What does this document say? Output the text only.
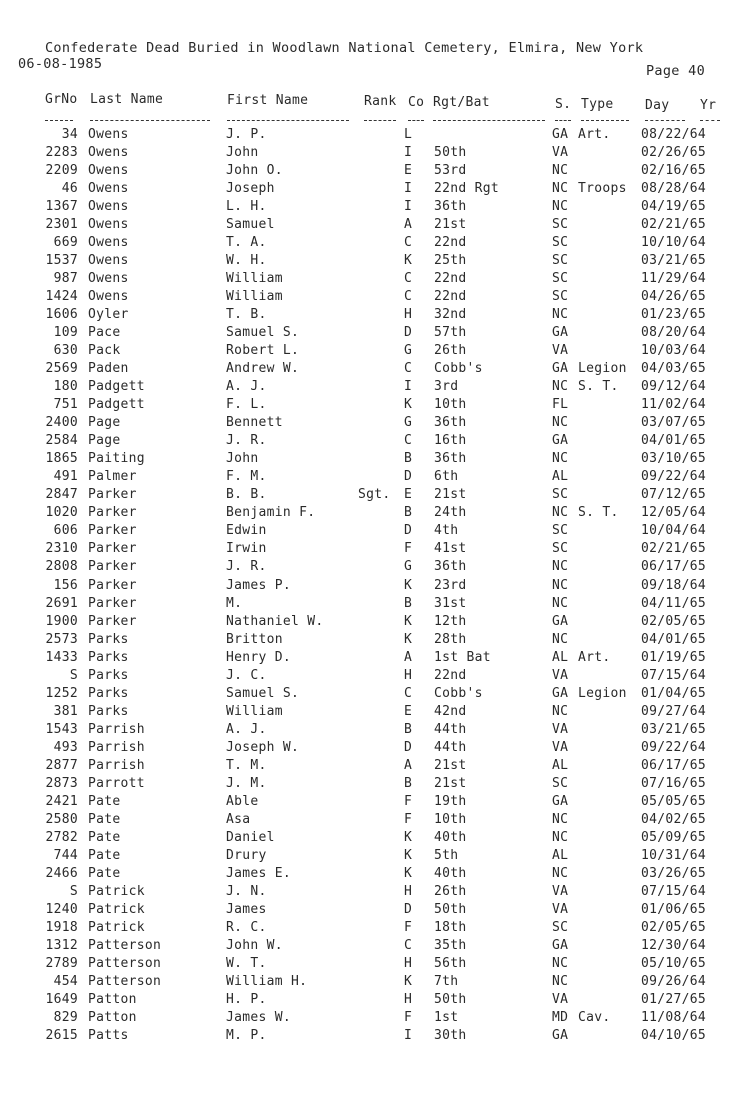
Confederate Dead Buried in Woodlawn National Cemetery, Elmira, New York
06-08-1985	Page 40
GrNo Last Name	First Name	Rank Co Rgt/Bat	S. Type Day Yr
34 Owens	J. P.	L	GA Art. 08/22/64
2283 Owens	John	I 50th	VA	02/26/65
2209 Owens	John O.	E 53rd	NC	02/16/65
46 Owens	Joseph	I 22nd Rgt	NC Troops 08/28/64
1367 Owens	L. H.	I 36th	NC	04/19/65
2301 Owens	Samuel	A 21st	SC	02/21/65
669 Owens	T. A.	C 22nd	SC	10/10/64
1537 Owens	W. H.	K 25th	SC	03/21/65
987 Owens	William	C 22nd	SC	11/29/64
1424 Owens	William	C 22nd	SC	04/26/65
1606 Oyler	T. B.	H 32nd	NC	01/23/65
109 Pace	Samuel S.	D 57th	GA	08/20/64
630 Pack	Robert L.	G 26th	VA	10/03/64
2569 Paden	Andrew W.	C Cobb's	GA Legion 04/03/65
180 Padgett	A. J.	I 3rd	NC S. T. 09/12/64
751 Padgett	F. L.	K 10th	FL	11/02/64
2400 Page	Bennett	G 36th	NC	03/07/65
2584 Page	J. R.	C 16th	GA	04/01/65
1865 Paiting	John	B 36th	NC	03/10/65
491 Palmer	F. M.	D 6th	AL	09/22/64
2847 Parker	B. B.	Sgt. E 21st	SC	07/12/65
1020 Parker	Benjamin F.	B 24th	NC S. T. 12/05/64
606 Parker	Edwin	D 4th	SC	10/04/64
2310 Parker	Irwin	F 41st	SC	02/21/65
2808 Parker	J. R.	G 36th	NC	06/17/65
156 Parker	James P.	K 23rd	NC	09/18/64
2691 Parker	M.	B 31st	NC	04/11/65
1900 Parker	Nathaniel W.	K 12th	GA	02/05/65
2573 Parks	Britton	K 28th	NC	04/01/65
1433 Parks	Henry D.	A 1st Bat	AL Art. 01/19/65
S Parks	J. C.	H 22nd	VA	07/15/64
1252 Parks	Samuel S.	C Cobb's	GA Legion 01/04/65
381 Parks	William	E 42nd	NC	09/27/64
1543 Parrish	A. J.	B 44th	VA	03/21/65
493 Parrish	Joseph W.	D 44th	VA	09/22/64
2877 Parrish	T. M.	A 21st	AL	06/17/65
2873 Parrott	J. M.	B 21st	SC	07/16/65
2421 Pate	Able	F 19th	GA	05/05/65
2580 Pate	Asa	F 10th	NC	04/02/65
2782 Pate	Daniel	K 40th	NC	05/09/65
744 Pate	Drury	K 5th	AL	10/31/64
2466 Pate	James E.	K 40th	NC	03/26/65
S Patrick	J. N.	H 26th	VA	07/15/64
1240 Patrick	James	D 50th	VA	01/06/65
1918 Patrick	R. C.	F 18th	SC	02/05/65
1312 Patterson	John W.	C 35th	GA	12/30/64
2789 Patterson	W. T.	H 56th	NC	05/10/65
454 Patterson	William H.	K 7th	NC	09/26/64
1649 Patton	H. P.	H 50th	VA	01/27/65
829 Patton	James W.	F 1st	MD Cav. 11/08/64
2615 Patts	M. P.	I 30th	GA	04/10/65
